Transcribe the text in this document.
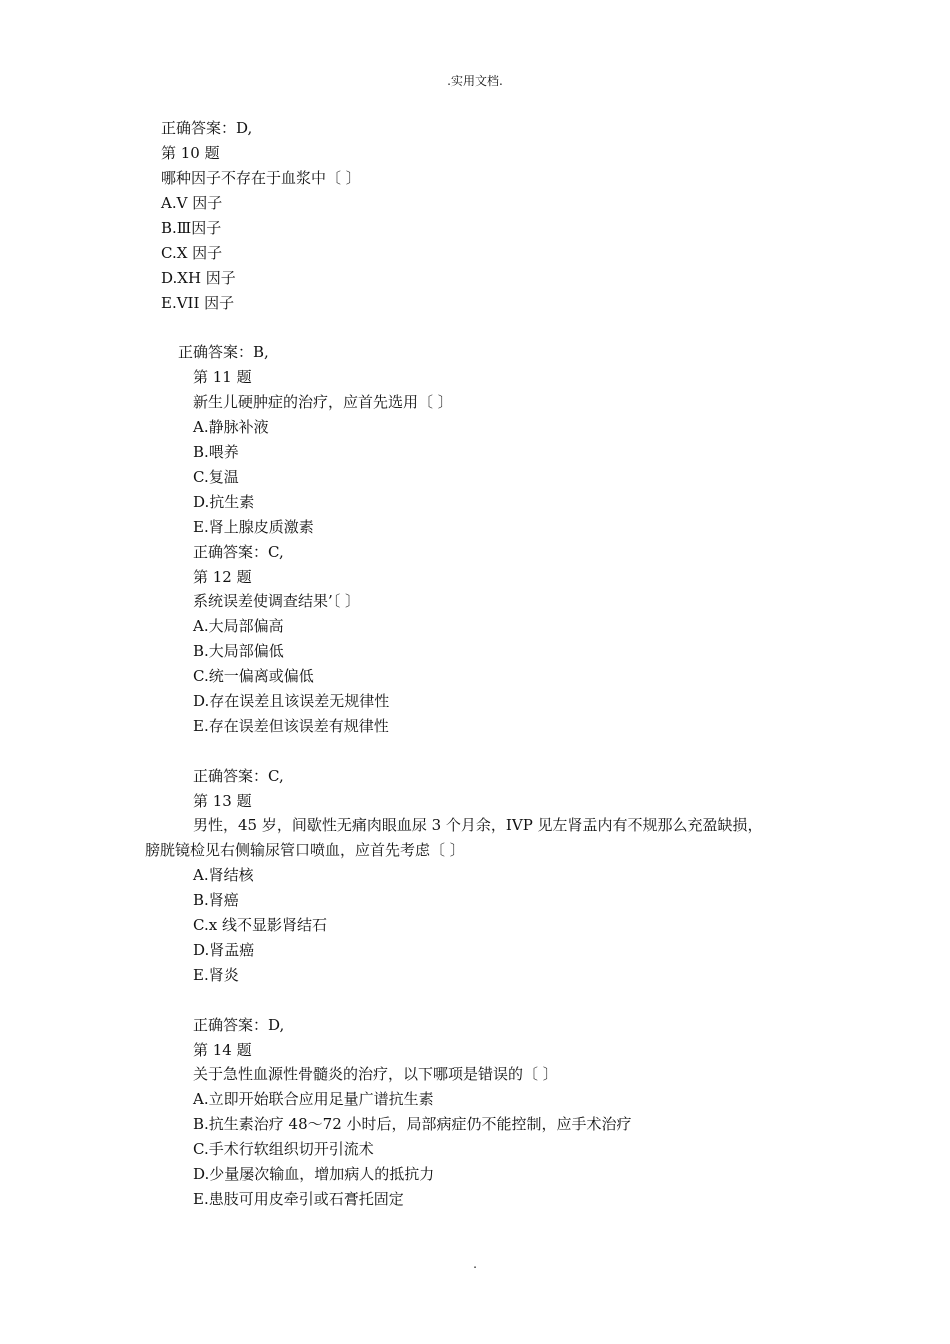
.实用文档.
正确答案：D,
第 10 题
哪种因子不存在于血浆中〔 〕
A.V 因子
B.Ⅲ因子
C.X 因子
D.XH 因子
E.VII 因子
正确答案：B,
第 11 题
新生儿硬肿症的治疗，应首先选用〔 〕
A.静脉补液
B.喂养
C.复温
D.抗生素
E.肾上腺皮质激素
正确答案：C,
第 12 题
系统误差使调查结果’〔 〕
A.大局部偏高
B.大局部偏低
C.统一偏离或偏低
D.存在误差且该误差无规律性
E.存在误差但该误差有规律性
正确答案：C,
第 13 题
男性，45 岁，间歇性无痛肉眼血尿 3 个月余，IVP 见左肾盂内有不规那么充盈缺损，
膀胱镜检见右侧输尿管口喷血，应首先考虑〔 〕
A.肾结核
B.肾癌
C.x 线不显影肾结石
D.肾盂癌
E.肾炎
正确答案：D,
第 14 题
关于急性血源性骨髓炎的治疗，以下哪项是错误的〔 〕
A.立即开始联合应用足量广谱抗生素
B.抗生素治疗 48～72 小时后，局部病症仍不能控制，应手术治疗
C.手术行软组织切开引流术
D.少量屡次输血，增加病人的抵抗力
E.患肢可用皮牵引或石膏托固定
.
